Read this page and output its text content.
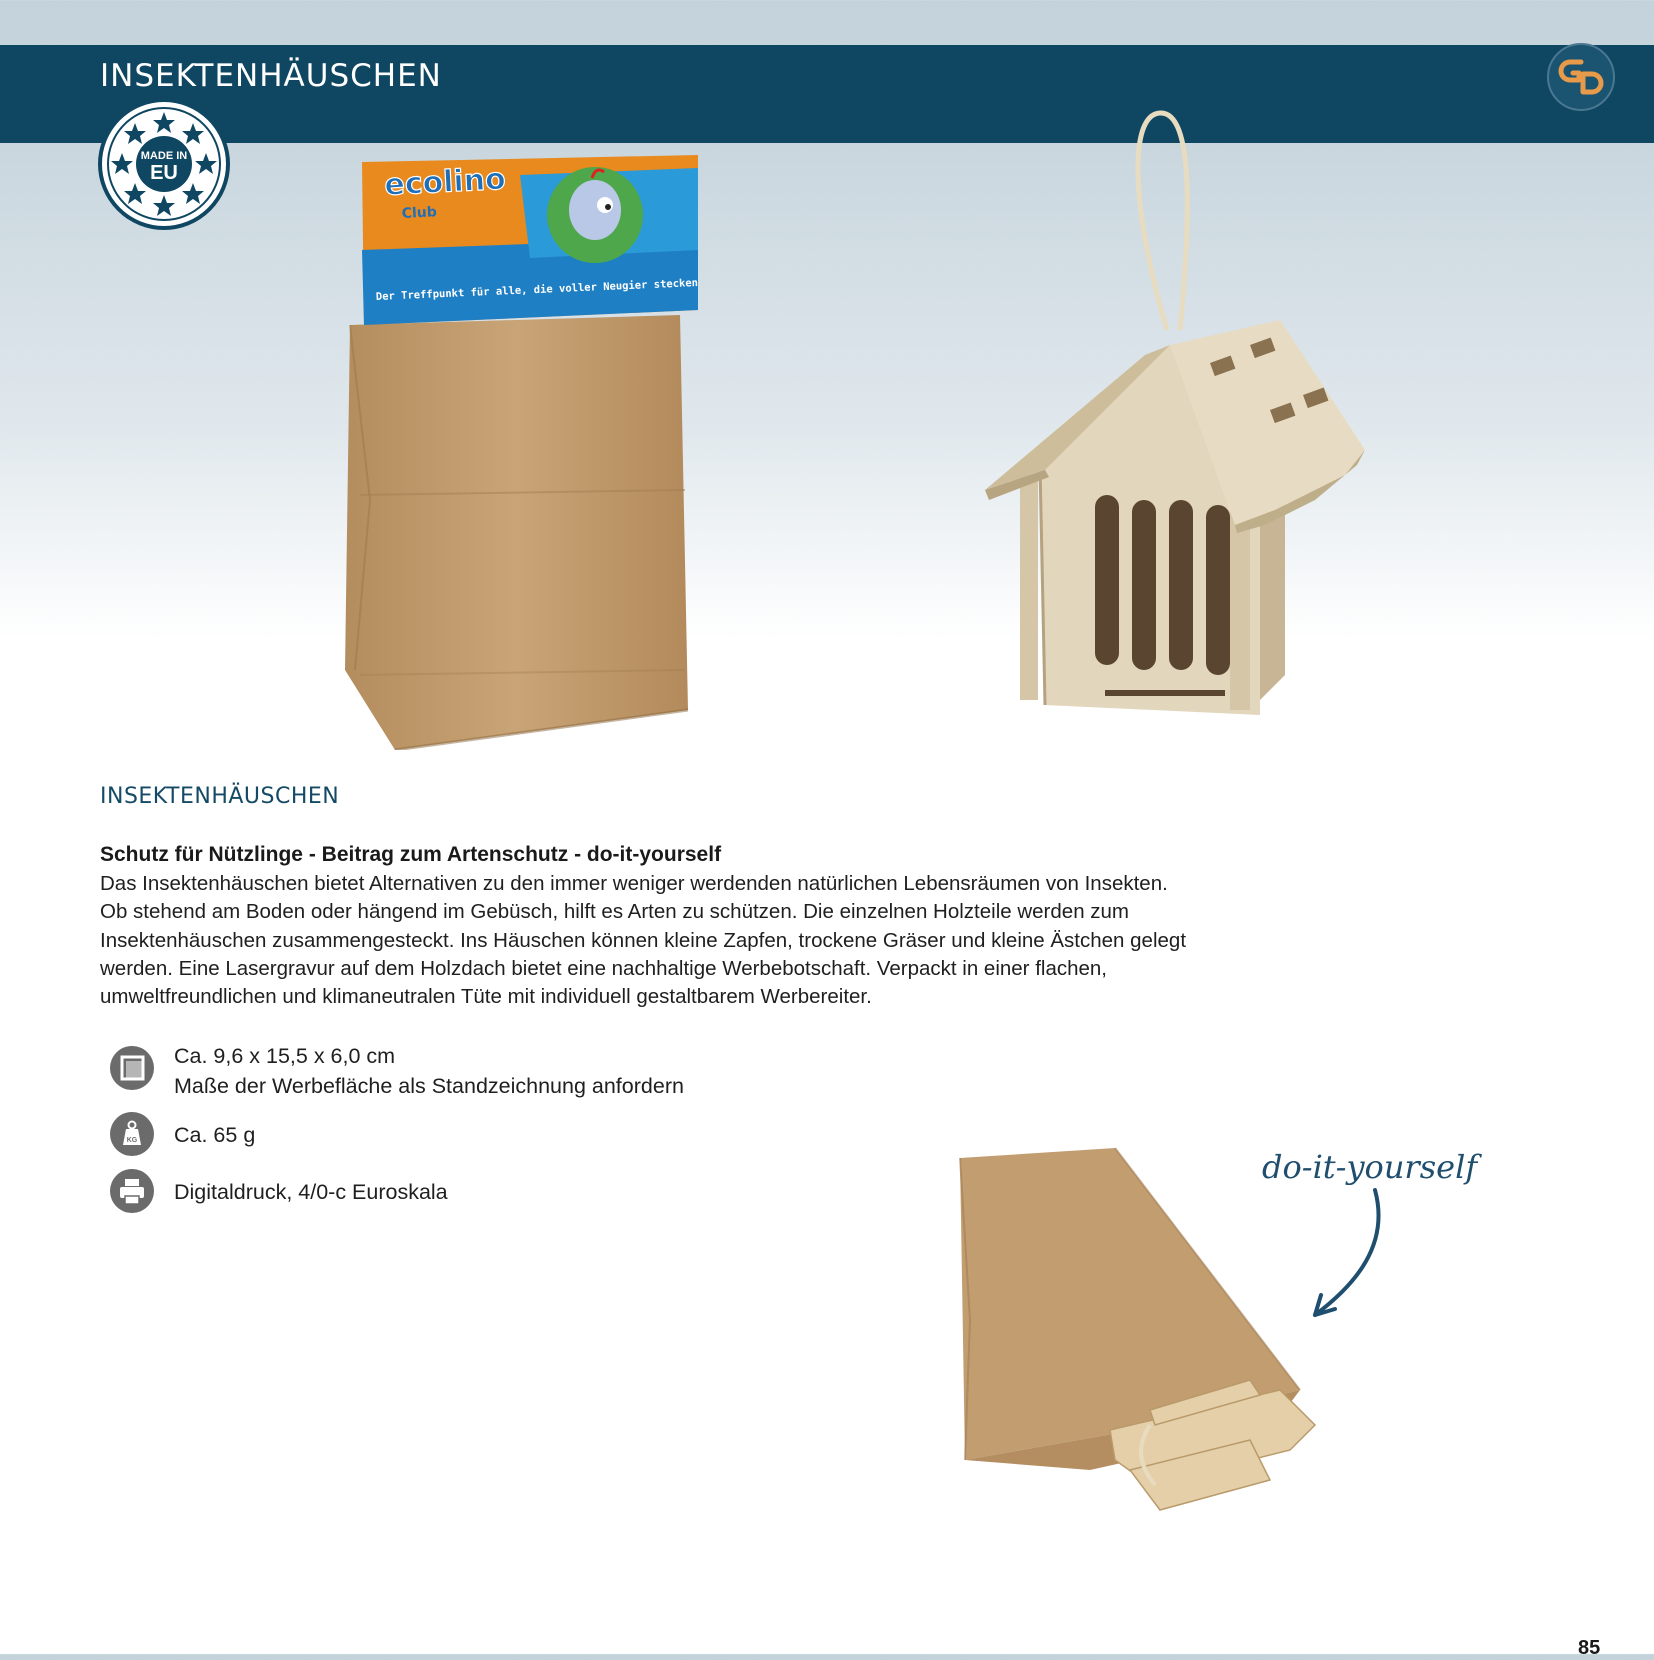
INSEKTENHÄUSCHEN
MADE IN
EU	ecolino
Club
Der Treffpunkt für alle, die voller Neugier stecken
do-it-yourself
INSEKTENHÄUSCHEN
Schutz für Nützlinge - Beitrag zum Artenschutz - do-it-yourself

Das Insektenhäuschen bietet Alternativen zu den immer weniger werdenden natürlichen Lebensräumen von Insekten.

Ob stehend am Boden oder hängend im Gebüsch, hilft es Arten zu schützen. Die einzelnen Holzteile werden zum

Insektenhäuschen zusammengesteckt. Ins Häuschen können kleine Zapfen, trockene Gräser und kleine Ästchen gelegt

werden. Eine Lasergravur auf dem Holzdach bietet eine nachhaltige Werbebotschaft. Verpackt in einer flachen,

umweltfreundlichen und klimaneutralen Tüte mit individuell gestaltbarem Werbereiter.

Ca. 9,6 x 15,5 x 6,0 cm
Maße der Werbefläche als Standzeichnung anfordern
KG Ca. 65 g
Digitaldruck, 4/0-c Euroskala
85
